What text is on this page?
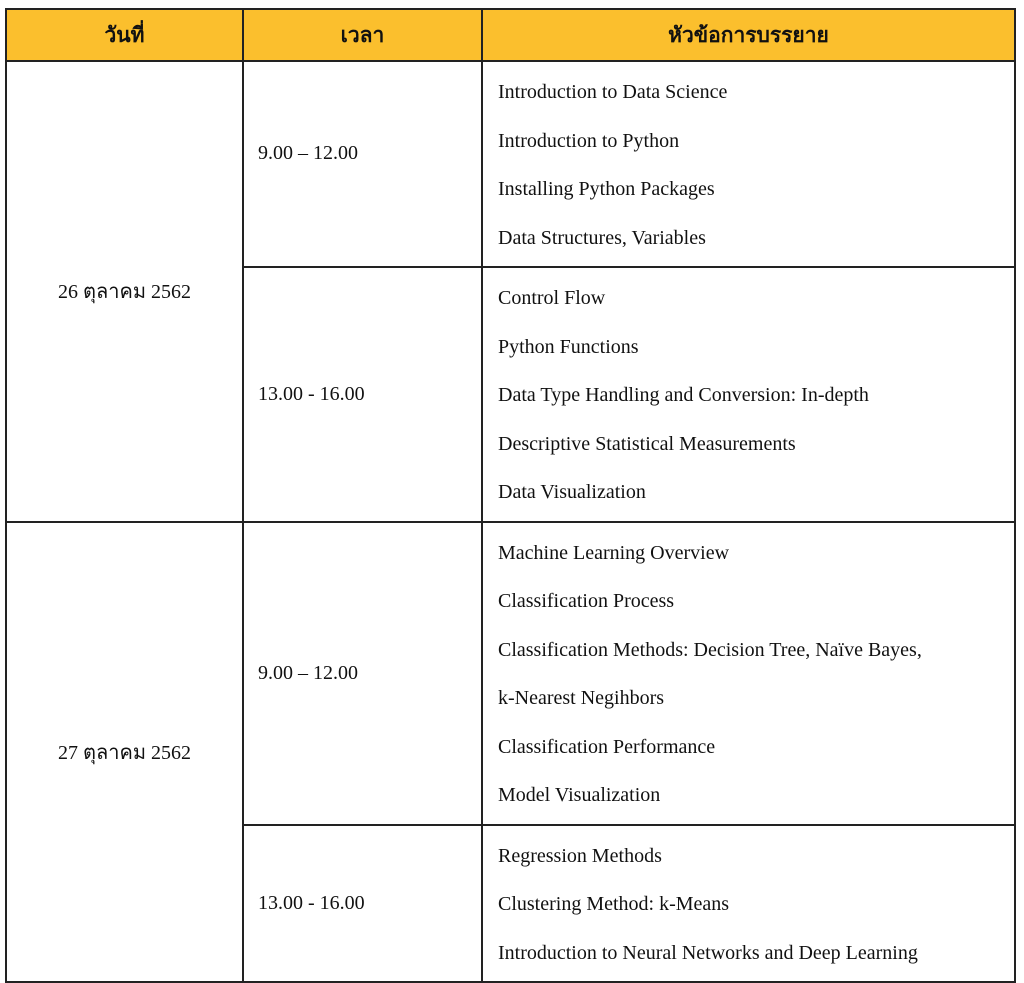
วันที่	เวลา	หัวข้อการบรรยาย
26 ตุลาคม 2562	9.00 – 12.00	Introduction to Data Science
Introduction to Python
Installing Python Packages
Data Structures, Variables

	13.00 - 16.00	Control Flow
Python Functions
Data Type Handling and Conversion: In-depth
Descriptive Statistical Measurements
Data Visualization

27 ตุลาคม 2562	9.00 – 12.00	
Machine Learning Overview
Classification Process
Classification Methods: Decision Tree, Naïve Bayes,
k-Nearest Negihbors
Classification Performance
Model Visualization

	13.00 - 16.00	Regression Methods
Clustering Method: k-Means
Introduction to Neural Networks and Deep Learning
